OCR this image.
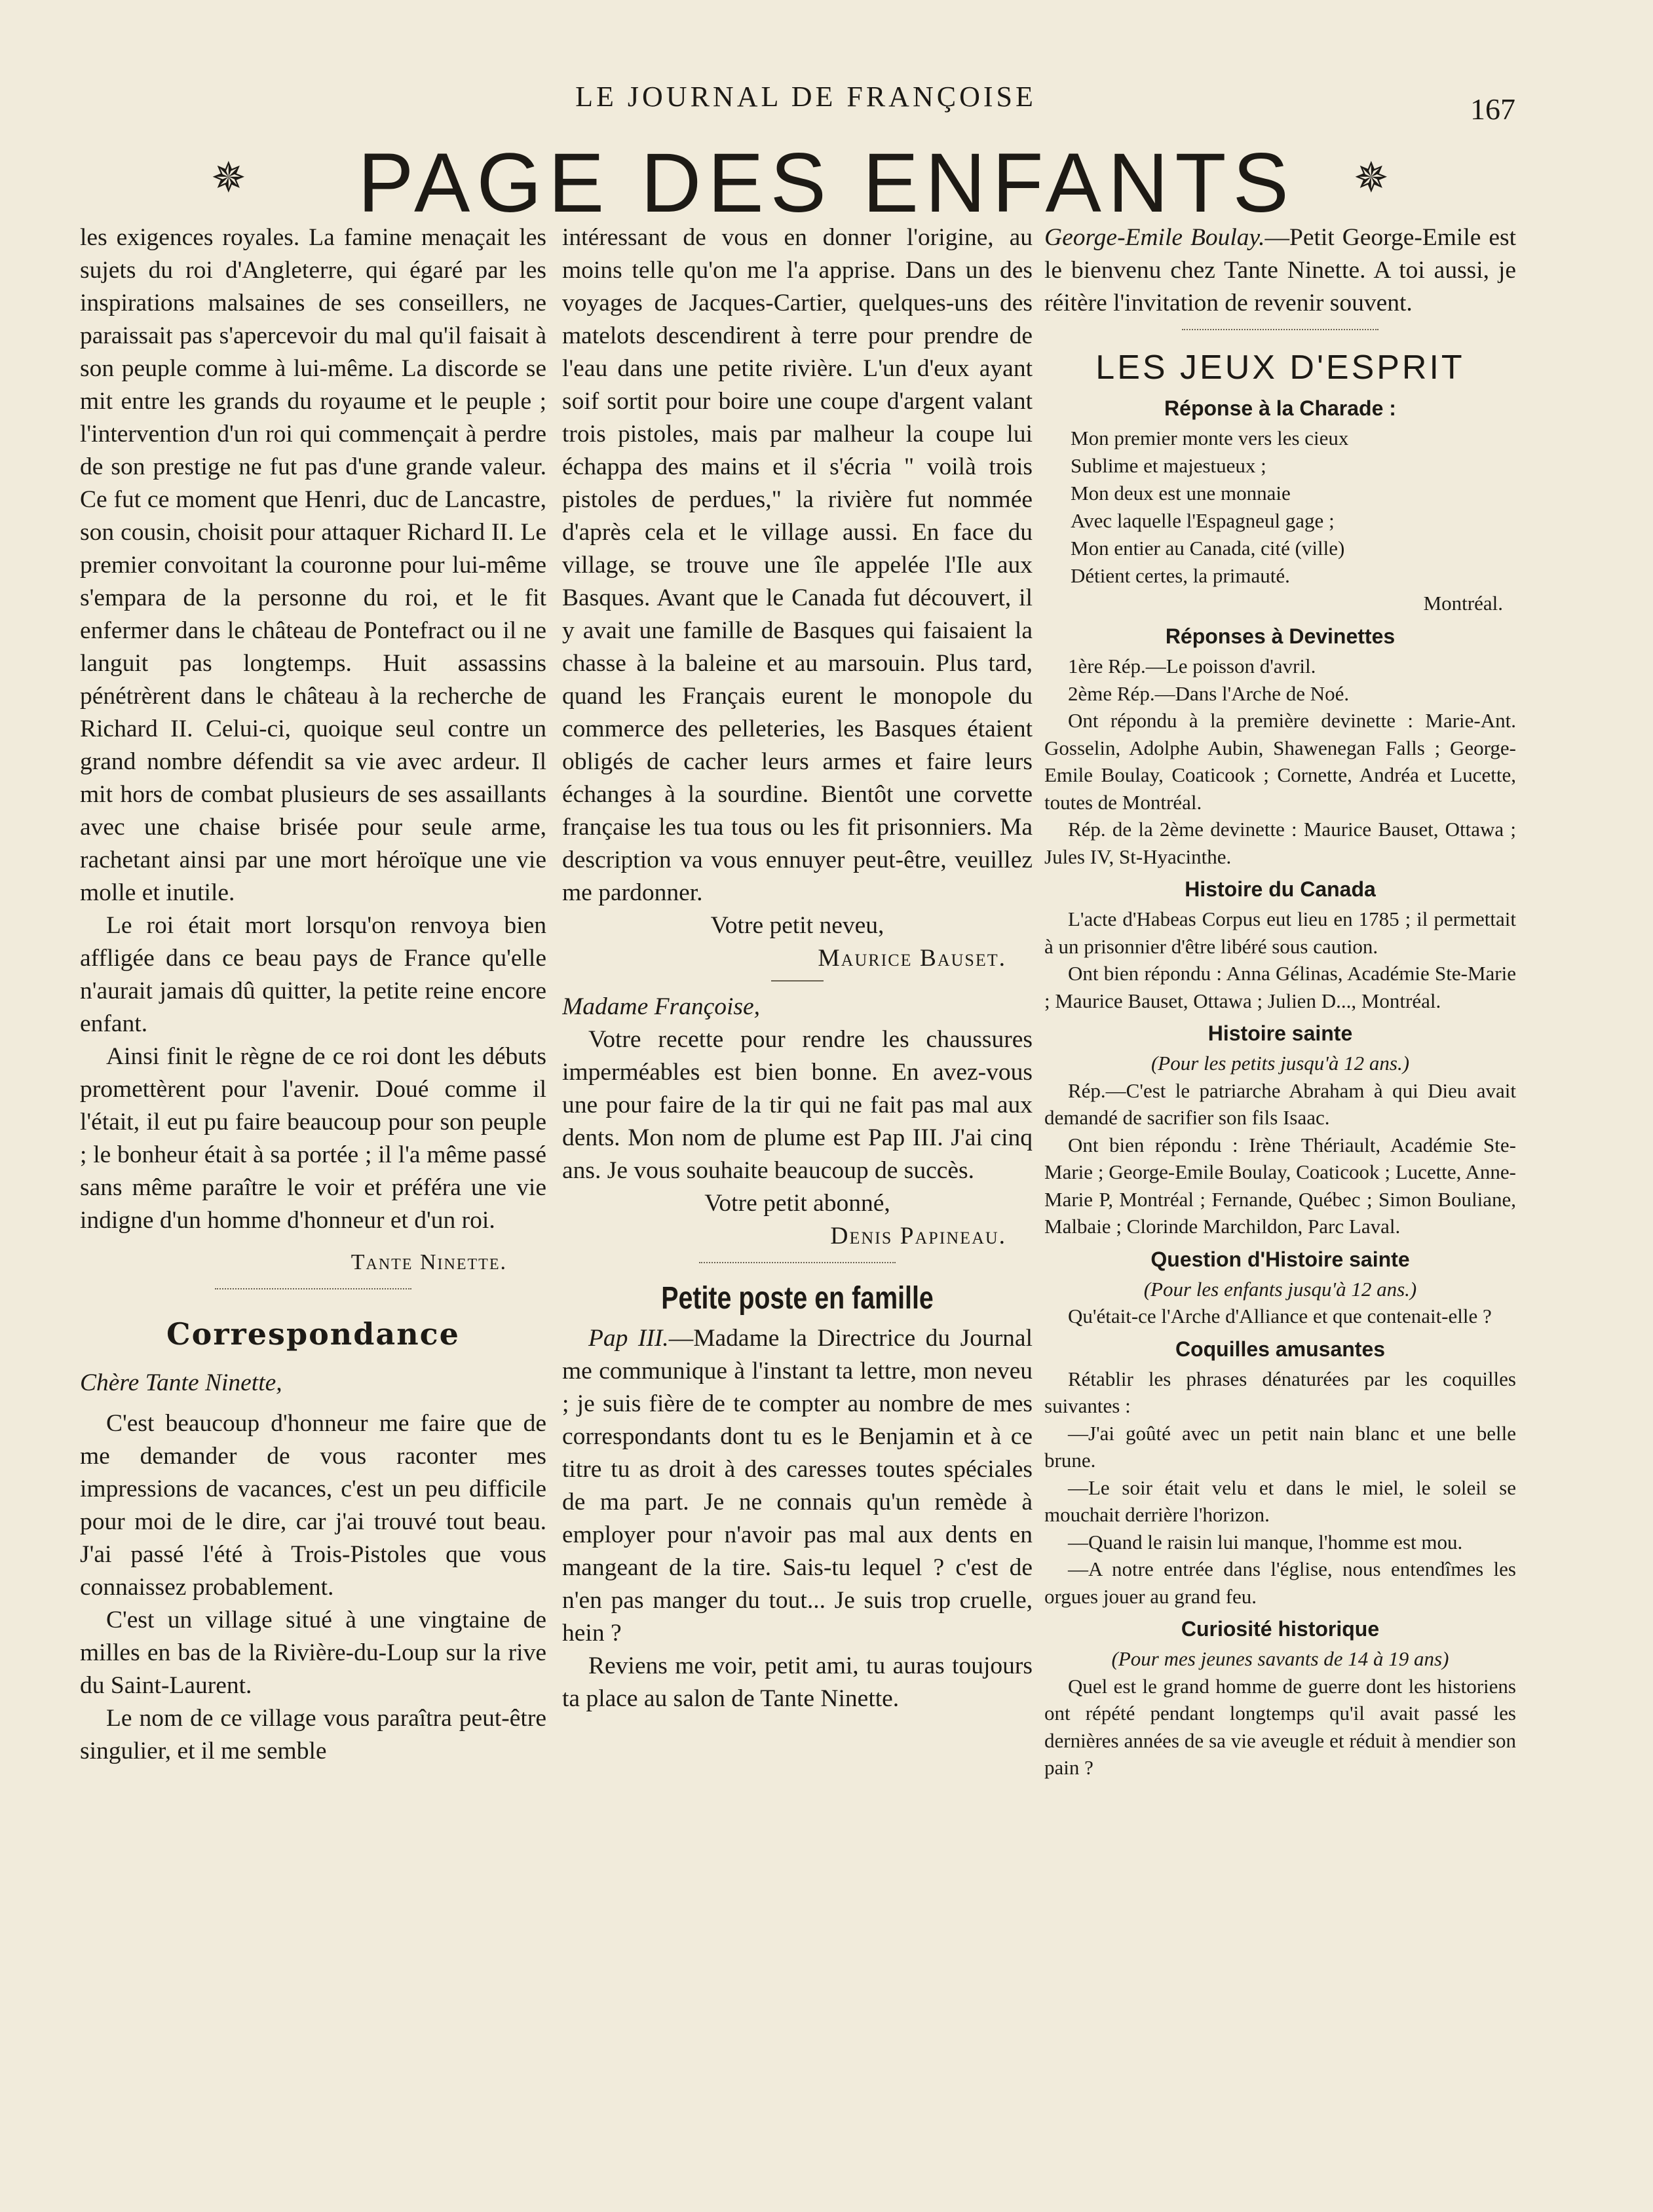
LE JOURNAL DE FRANÇOISE	167
✵	PAGE DES ENFANTS	✵

les exigences royales. La famine menaçait les sujets du roi d'Angleterre, qui égaré par les inspirations malsaines de ses conseillers, ne paraissait pas s'apercevoir du mal qu'il faisait à son peuple comme à lui-même. La discorde se mit entre les grands du royaume et le peuple ; l'intervention d'un roi qui commençait à perdre de son prestige ne fut pas d'une grande valeur. Ce fut ce moment que Henri, duc de Lancastre, son cousin, choisit pour attaquer Richard II. Le premier convoitant la couronne pour lui-même s'empara de la personne du roi, et le fit enfermer dans le château de Pontefract ou il ne languit pas longtemps. Huit assassins pénétrèrent dans le château à la recherche de Richard II. Celui-ci, quoique seul contre un grand nombre défendit sa vie avec ardeur. Il mit hors de combat plusieurs de ses assaillants avec une chaise brisée pour seule arme, rachetant ainsi par une mort héroïque une vie molle et inutile.

Le roi était mort lorsqu'on renvoya bien affligée dans ce beau pays de France qu'elle n'aurait jamais dû quitter, la petite reine encore enfant.

Ainsi finit le règne de ce roi dont les débuts promettèrent pour l'avenir. Doué comme il l'était, il eut pu faire beaucoup pour son peuple ; le bonheur était à sa portée ; il l'a même passé sans même paraître le voir et préféra une vie indigne d'un homme d'honneur et d'un roi.

Tante Ninette.

Correspondance

Chère Tante Ninette,

C'est beaucoup d'honneur me faire que de me demander de vous raconter mes impressions de vacances, c'est un peu difficile pour moi de le dire, car j'ai trouvé tout beau. J'ai passé l'été à Trois-Pistoles que vous connaissez probablement.

C'est un village situé à une vingtaine de milles en bas de la Rivière-du-Loup sur la rive du Saint-Laurent.

Le nom de ce village vous paraîtra peut-être singulier, et il me semble

intéressant de vous en donner l'origine, au moins telle qu'on me l'a apprise. Dans un des voyages de Jacques-Cartier, quelques-uns des matelots descendirent à terre pour prendre de l'eau dans une petite rivière. L'un d'eux ayant soif sortit pour boire une coupe d'argent valant trois pistoles, mais par malheur la coupe lui échappa des mains et il s'écria " voilà trois pistoles de perdues," la rivière fut nommée d'après cela et le village aussi. En face du village, se trouve une île appelée l'Ile aux Basques. Avant que le Canada fut découvert, il y avait une famille de Basques qui faisaient la chasse à la baleine et au marsouin. Plus tard, quand les Français eurent le monopole du commerce des pelleteries, les Basques étaient obligés de cacher leurs armes et faire leurs échanges à la sourdine. Bientôt une corvette française les tua tous ou les fit prisonniers. Ma description va vous ennuyer peut-être, veuillez me pardonner.

Votre petit neveu,

Maurice Bauset.

Madame Françoise,

Votre recette pour rendre les chaussures imperméables est bien bonne. En avez-vous une pour faire de la tir qui ne fait pas mal aux dents. Mon nom de plume est Pap III. J'ai cinq ans. Je vous souhaite beaucoup de succès.

Votre petit abonné,

Denis Papineau.

Petite poste en famille

Pap III.—Madame la Directrice du Journal me communique à l'instant ta lettre, mon neveu ; je suis fière de te compter au nombre de mes correspondants dont tu es le Benjamin et à ce titre tu as droit à des caresses toutes spéciales de ma part. Je ne connais qu'un remède à employer pour n'avoir pas mal aux dents en mangeant de la tire. Sais-tu lequel ? c'est de n'en pas manger du tout... Je suis trop cruelle, hein ?

Reviens me voir, petit ami, tu auras toujours ta place au salon de Tante Ninette.

George-Emile Boulay.—Petit George-Emile est le bienvenu chez Tante Ninette. A toi aussi, je réitère l'invitation de revenir souvent.

LES JEUX D'ESPRIT
Réponse à la Charade :
Mon premier monte vers les cieux
Sublime et majestueux ;
Mon deux est une monnaie
Avec laquelle l'Espagneul gage ;
Mon entier au Canada, cité (ville)
Détient certes, la primauté.
Montréal.
Réponses à Devinettes

1ère Rép.—Le poisson d'avril.

2ème Rép.—Dans l'Arche de Noé.

Ont répondu à la première devinette : Marie-Ant. Gosselin, Adolphe Aubin, Shawenegan Falls ; George-Emile Boulay, Coaticook ; Cornette, Andréa et Lucette, toutes de Montréal.

Rép. de la 2ème devinette : Maurice Bauset, Ottawa ; Jules IV, St-Hyacinthe.

Histoire du Canada

L'acte d'Habeas Corpus eut lieu en 1785 ; il permettait à un prisonnier d'être libéré sous caution.

Ont bien répondu : Anna Gélinas, Académie Ste-Marie ; Maurice Bauset, Ottawa ; Julien D..., Montréal.

Histoire sainte

(Pour les petits jusqu'à 12 ans.)

Rép.—C'est le patriarche Abraham à qui Dieu avait demandé de sacrifier son fils Isaac.

Ont bien répondu : Irène Thériault, Académie Ste-Marie ; George-Emile Boulay, Coaticook ; Lucette, Anne-Marie P, Montréal ; Fernande, Québec ; Simon Bouliane, Malbaie ; Clorinde Marchildon, Parc Laval.

Question d'Histoire sainte

(Pour les enfants jusqu'à 12 ans.)

Qu'était-ce l'Arche d'Alliance et que contenait-elle ?

Coquilles amusantes

Rétablir les phrases dénaturées par les coquilles suivantes :

—J'ai goûté avec un petit nain blanc et une belle brune.

—Le soir était velu et dans le miel, le soleil se mouchait derrière l'horizon.

—Quand le raisin lui manque, l'homme est mou.

—A notre entrée dans l'église, nous entendîmes les orgues jouer au grand feu.

Curiosité historique

(Pour mes jeunes savants de 14 à 19 ans)

Quel est le grand homme de guerre dont les historiens ont répété pendant longtemps qu'il avait passé les dernières années de sa vie aveugle et réduit à mendier son pain ?
